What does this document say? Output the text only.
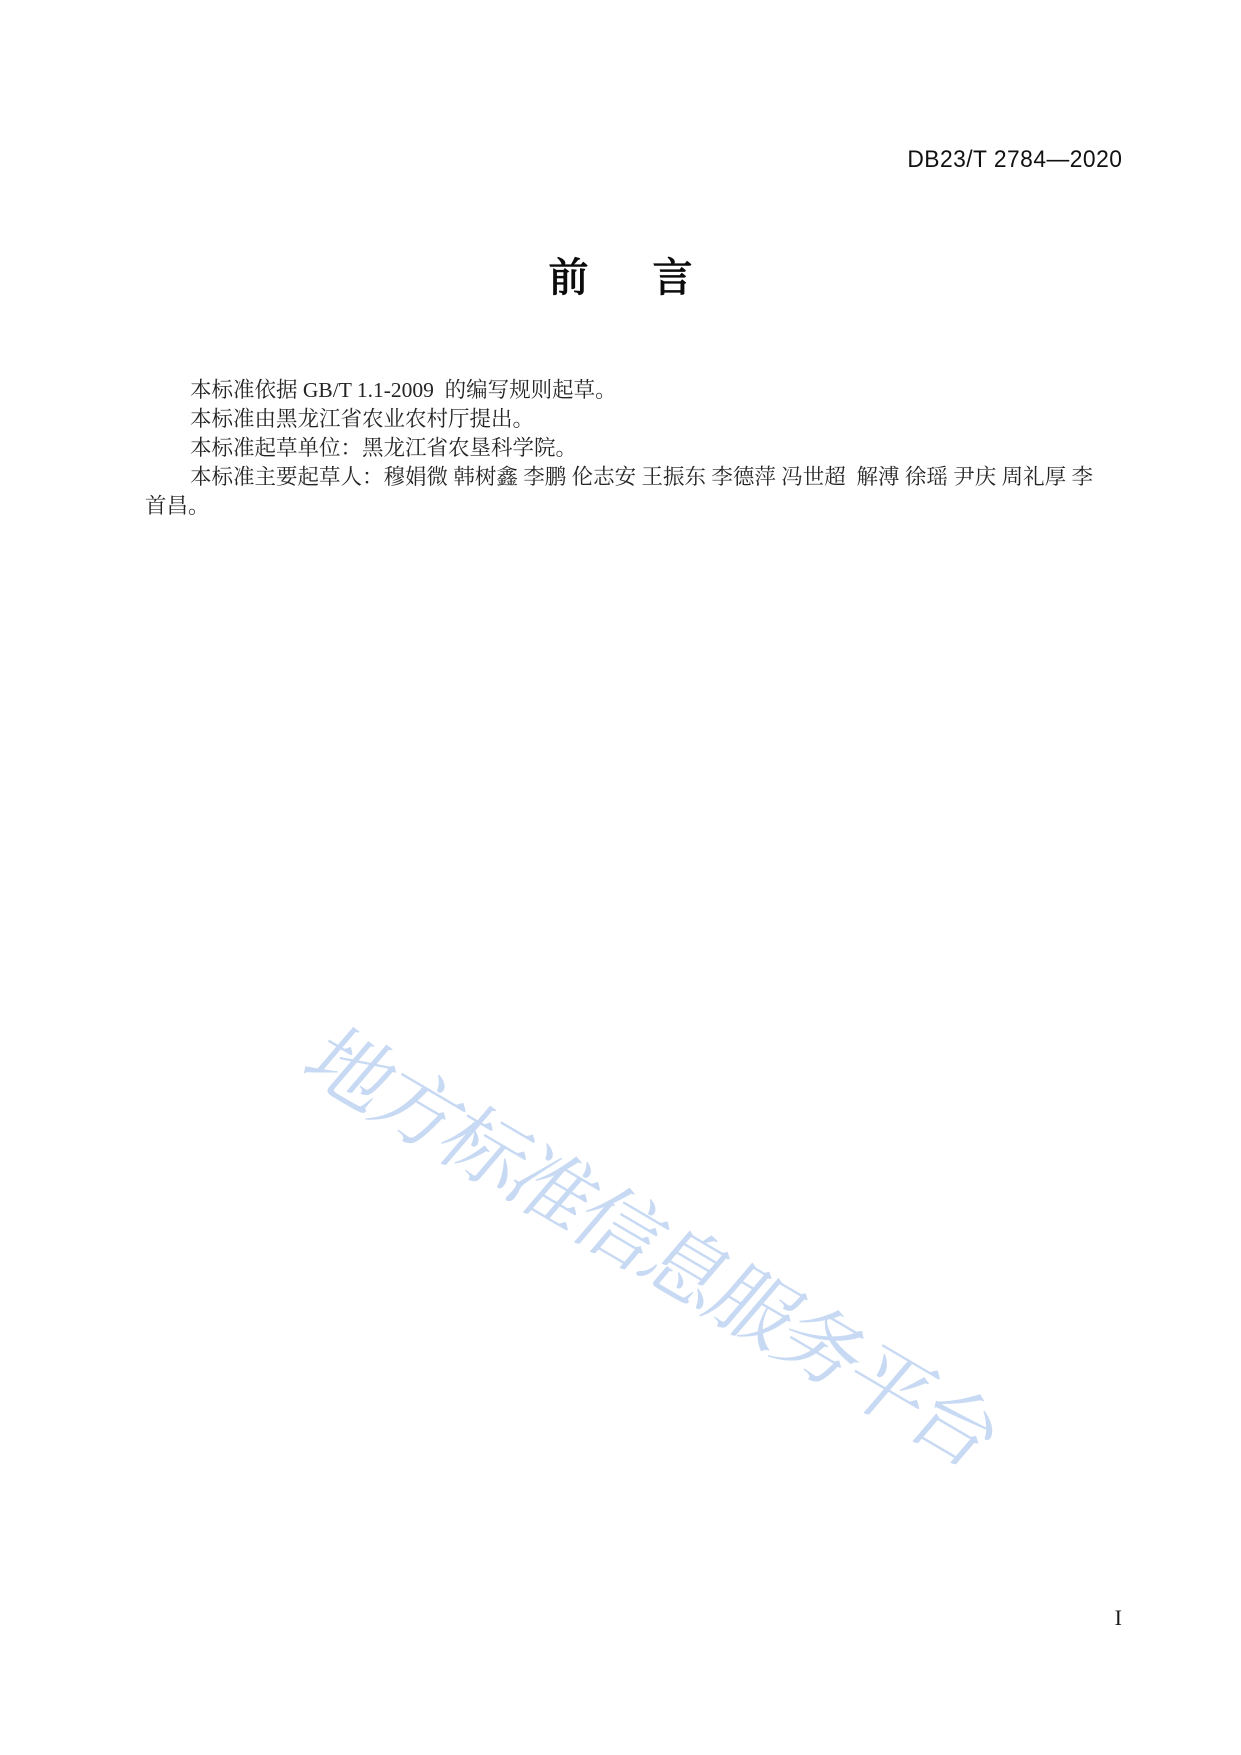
DB23/T 2784—2020
前 言

本标准依据 GB/T 1.1-2009  的编写规则起草。

本标准由黑龙江省农业农村厅提出。

本标准起草单位：黑龙江省农垦科学院。

本标准主要起草人：穆娟微 韩树鑫 李鹏 伦志安 王振东 李德萍 冯世超  解溥 徐瑶 尹庆 周礼厚 李首昌。

地方标准信息服务平台
I
